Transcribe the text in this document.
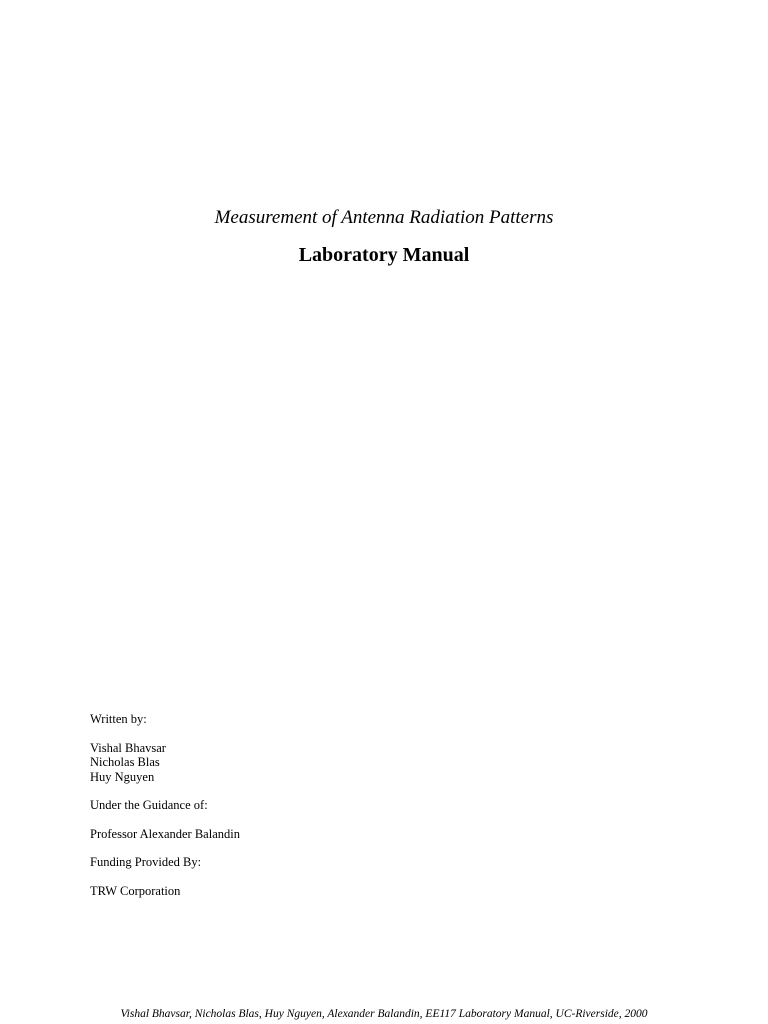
Measurement of Antenna Radiation Patterns
Laboratory Manual
Written by:
Vishal Bhavsar
Nicholas Blas
Huy Nguyen
Under the Guidance of:
Professor Alexander Balandin
Funding Provided By:
TRW Corporation
Vishal Bhavsar, Nicholas Blas, Huy Nguyen, Alexander Balandin, EE117 Laboratory Manual, UC-Riverside, 2000
